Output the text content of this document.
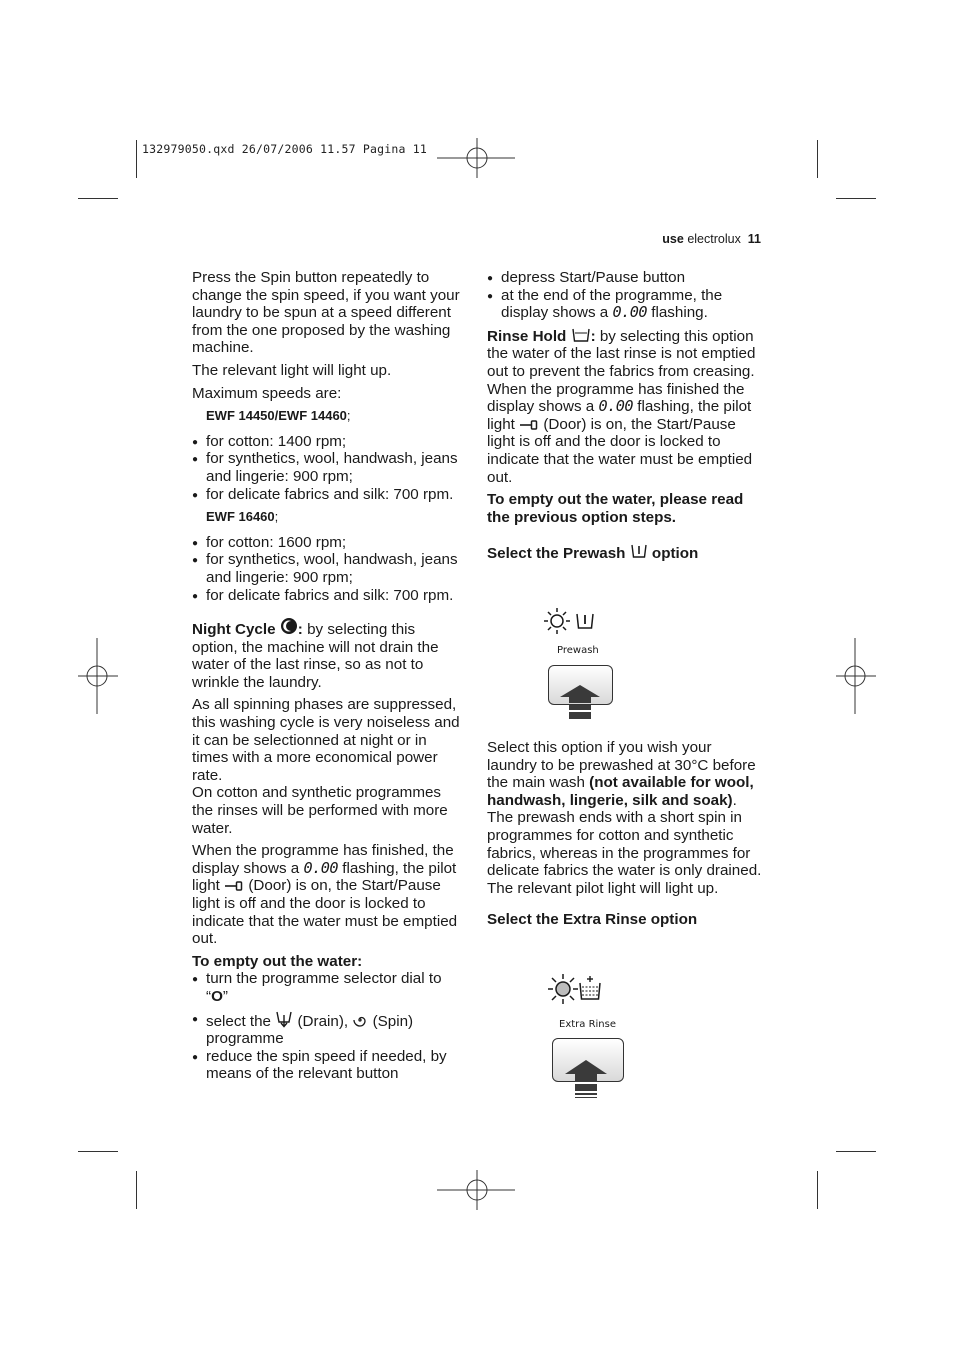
132979050.qxd 26/07/2006 11.57 Pagina 11
use electrolux 11

Press the Spin button repeatedly to change the spin speed, if you want your laundry to be spun at a speed different from the one proposed by the washing machine.

The relevant light will light up.

Maximum speeds are:

EWF 14450/EWF 14460;
● for cotton: 1400 rpm;
● for synthetics, wool, handwash, jeans and lingerie: 900 rpm;
● for delicate fabrics and silk: 700 rpm.
EWF 16460;
● for cotton: 1600 rpm;
● for synthetics, wool, handwash, jeans and lingerie: 900 rpm;
● for delicate fabrics and silk: 700 rpm.

Night Cycle : by selecting this option, the machine will not drain the water of the last rinse, so as not to wrinkle the laundry.

As all spinning phases are suppressed, this washing cycle is very noiseless and it can be selectionned at night or in times with a more economical power rate.

On cotton and synthetic programmes the rinses will be performed with more water.

When the programme has finished, the display shows a 0.00 flashing, the pilot light (Door) is on, the Start/Pause light is off and the door is locked to indicate that the water must be emptied out.

To empty out the water:

● turn the programme selector dial to “O”
● select the (Drain), (Spin) programme
● reduce the spin speed if needed, by means of the relevant button
● depress Start/Pause button
● at the end of the programme, the display shows a 0.00 flashing.

Rinse Hold : by selecting this option the water of the last rinse is not emptied out to prevent the fabrics from creasing. When the programme has finished the display shows a 0.00 flashing, the pilot light (Door) is on, the Start/Pause light is off and the door is locked to indicate that the water must be emptied out.

To empty out the water, please read the previous option steps.

Select the Prewash option

Prewash

Select this option if you wish your laundry to be prewashed at 30°C before the main wash (not available for wool, handwash, lingerie, silk and soak). The prewash ends with a short spin in programmes for cotton and synthetic fabrics, whereas in the programmes for delicate fabrics the water is only drained.

The relevant pilot light will light up.

Select the Extra Rinse option

Extra Rinse
